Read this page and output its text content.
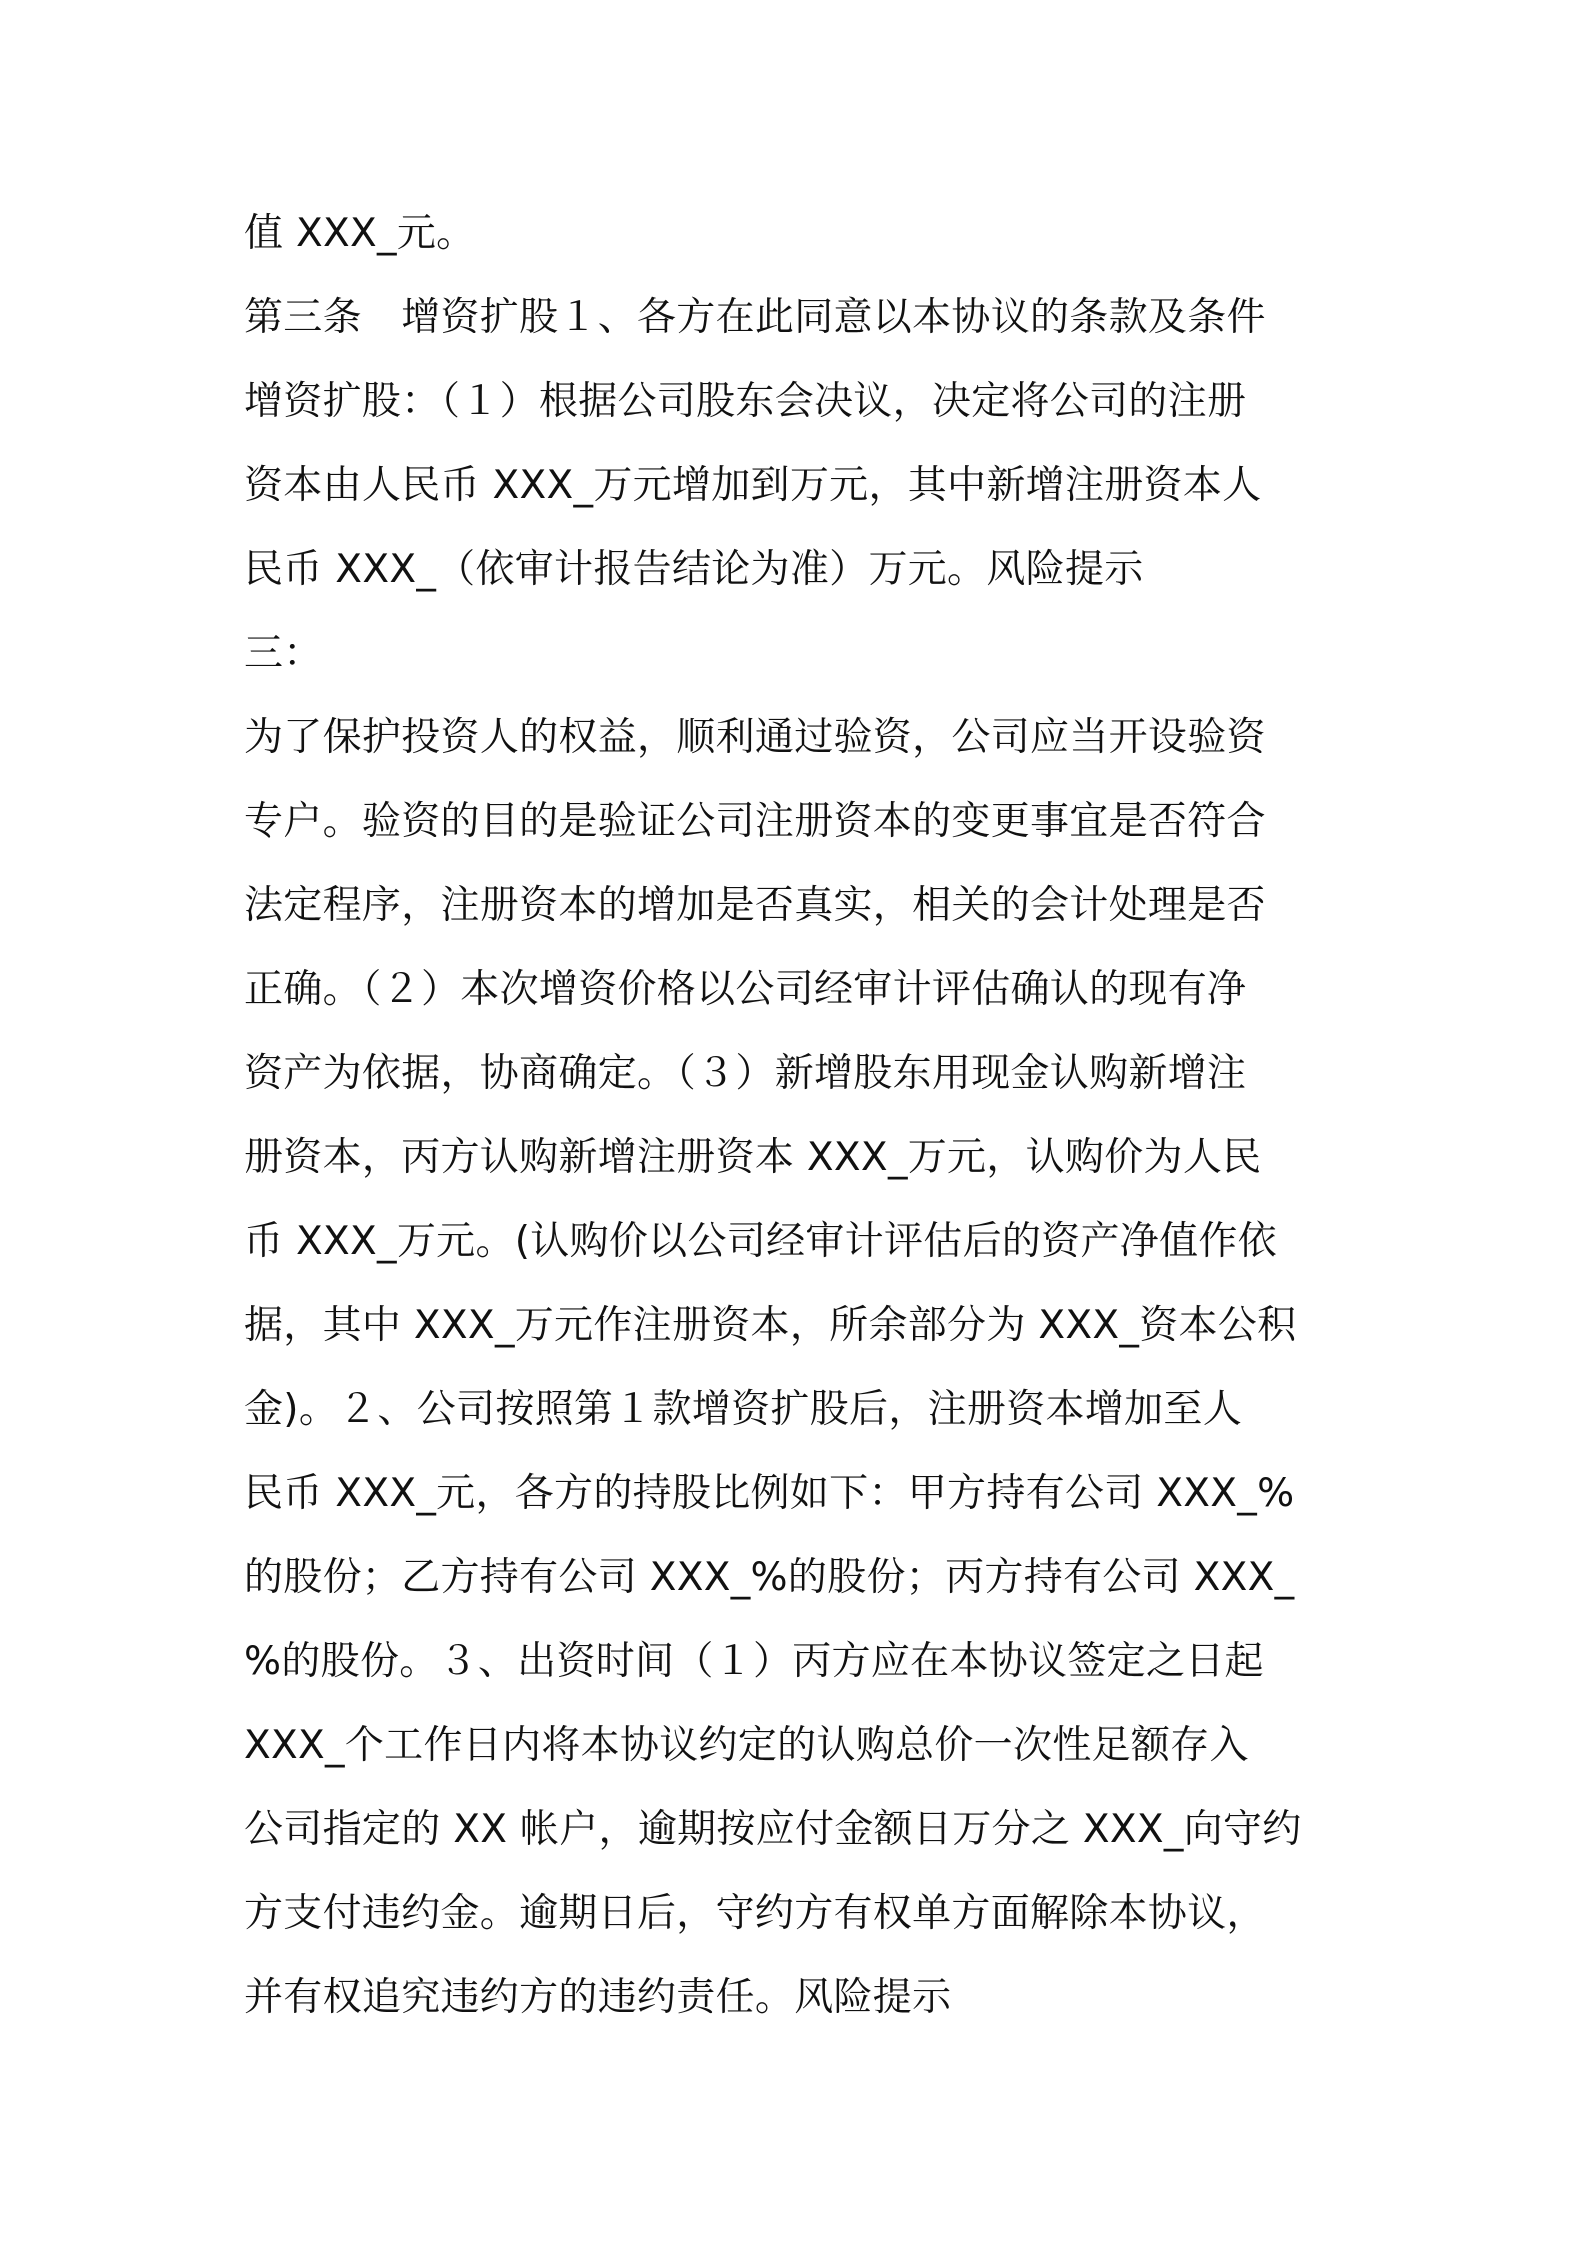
值 XXX_元。
第三条　增资扩股１、各方在此同意以本协议的条款及条件
增资扩股：（１）根据公司股东会决议，决定将公司的注册
资本由人民币 XXX_万元增加到万元，其中新增注册资本人
民币 XXX_（依审计报告结论为准）万元。风险提示
三：
为了保护投资人的权益，顺利通过验资，公司应当开设验资
专户。验资的目的是验证公司注册资本的变更事宜是否符合
法定程序，注册资本的增加是否真实，相关的会计处理是否
正确。（２）本次增资价格以公司经审计评估确认的现有净
资产为依据，协商确定。（３）新增股东用现金认购新增注
册资本，丙方认购新增注册资本 XXX_万元，认购价为人民
币 XXX_万元。(认购价以公司经审计评估后的资产净值作依
据，其中 XXX_万元作注册资本，所余部分为 XXX_资本公积
金)。２、公司按照第１款增资扩股后，注册资本增加至人
民币 XXX_元，各方的持股比例如下：甲方持有公司 XXX_%
的股份；乙方持有公司 XXX_%的股份；丙方持有公司 XXX_
%的股份。３、出资时间（１）丙方应在本协议签定之日起
XXX_个工作日内将本协议约定的认购总价一次性足额存入
公司指定的 XX 帐户，逾期按应付金额日万分之 XXX_向守约
方支付违约金。逾期日后，守约方有权单方面解除本协议，
并有权追究违约方的违约责任。风险提示
